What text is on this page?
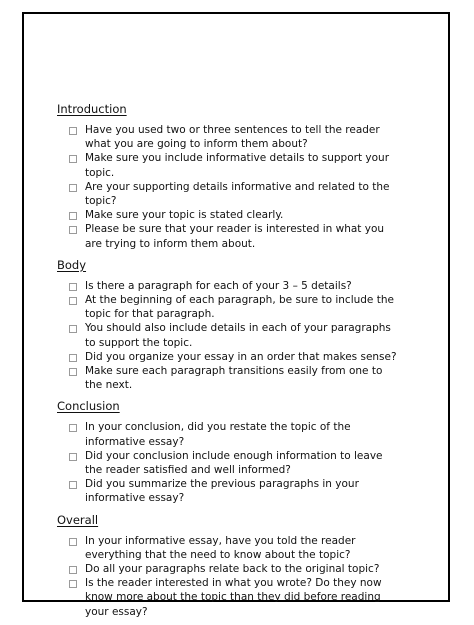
Introduction
Have you used two or three sentences to tell the reader what you are going to inform them about?
Make sure you include informative details to support your topic.
Are your supporting details informative and related to the topic?
Make sure your topic is stated clearly.
Please be sure that your reader is interested in what you are trying to inform them about.
Body
Is there a paragraph for each of your 3 – 5 details?
At the beginning of each paragraph, be sure to include the topic for that paragraph.
You should also include details in each of your paragraphs to support the topic.
Did you organize your essay in an order that makes sense?
Make sure each paragraph transitions easily from one to the next.
Conclusion
In your conclusion, did you restate the topic of the informative essay?
Did your conclusion include enough information to leave the reader satisfied and well informed?
Did you summarize the previous paragraphs in your informative essay?
Overall
In your informative essay, have you told the reader everything that the need to know about the topic?
Do all your paragraphs relate back to the original topic?
Is the reader interested in what you wrote? Do they now know more about the topic than they did before reading your essay?
